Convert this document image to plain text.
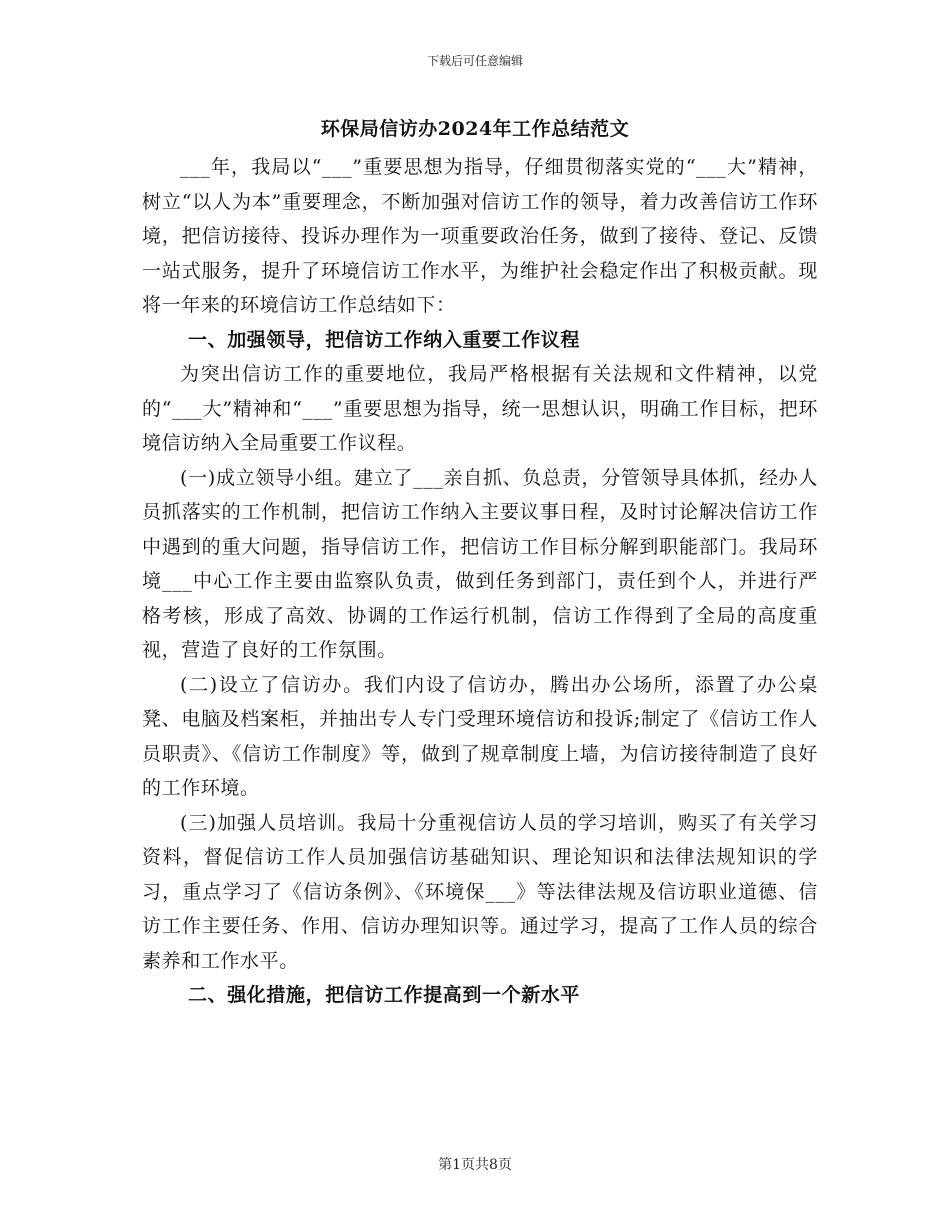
下载后可任意编辑
环保局信访办2024年工作总结范文

___年，我局以“___”重要思想为指导，仔细贯彻落实党的“___大”精神，树立“以人为本”重要理念，不断加强对信访工作的领导，着力改善信访工作环境，把信访接待、投诉办理作为一项重要政治任务，做到了接待、登记、反馈一站式服务，提升了环境信访工作水平，为维护社会稳定作出了积极贡献。现将一年来的环境信访工作总结如下：

一、加强领导，把信访工作纳入重要工作议程

为突出信访工作的重要地位，我局严格根据有关法规和文件精神，以党的“___大”精神和“___”重要思想为指导，统一思想认识，明确工作目标，把环境信访纳入全局重要工作议程。

(一)成立领导小组。建立了___亲自抓、负总责，分管领导具体抓，经办人员抓落实的工作机制，把信访工作纳入主要议事日程，及时讨论解决信访工作中遇到的重大问题，指导信访工作，把信访工作目标分解到职能部门。我局环境___中心工作主要由监察队负责，做到任务到部门，责任到个人，并进行严格考核，形成了高效、协调的工作运行机制，信访工作得到了全局的高度重视，营造了良好的工作氛围。

(二)设立了信访办。我们内设了信访办，腾出办公场所，添置了办公桌凳、电脑及档案柜，并抽出专人专门受理环境信访和投诉;制定了《信访工作人员职责》、《信访工作制度》等，做到了规章制度上墙，为信访接待制造了良好的工作环境。

(三)加强人员培训。我局十分重视信访人员的学习培训，购买了有关学习资料，督促信访工作人员加强信访基础知识、理论知识和法律法规知识的学习，重点学习了《信访条例》、《环境保___》等法律法规及信访职业道德、信访工作主要任务、作用、信访办理知识等。通过学习，提高了工作人员的综合素养和工作水平。

二、强化措施，把信访工作提高到一个新水平

第1页共8页
